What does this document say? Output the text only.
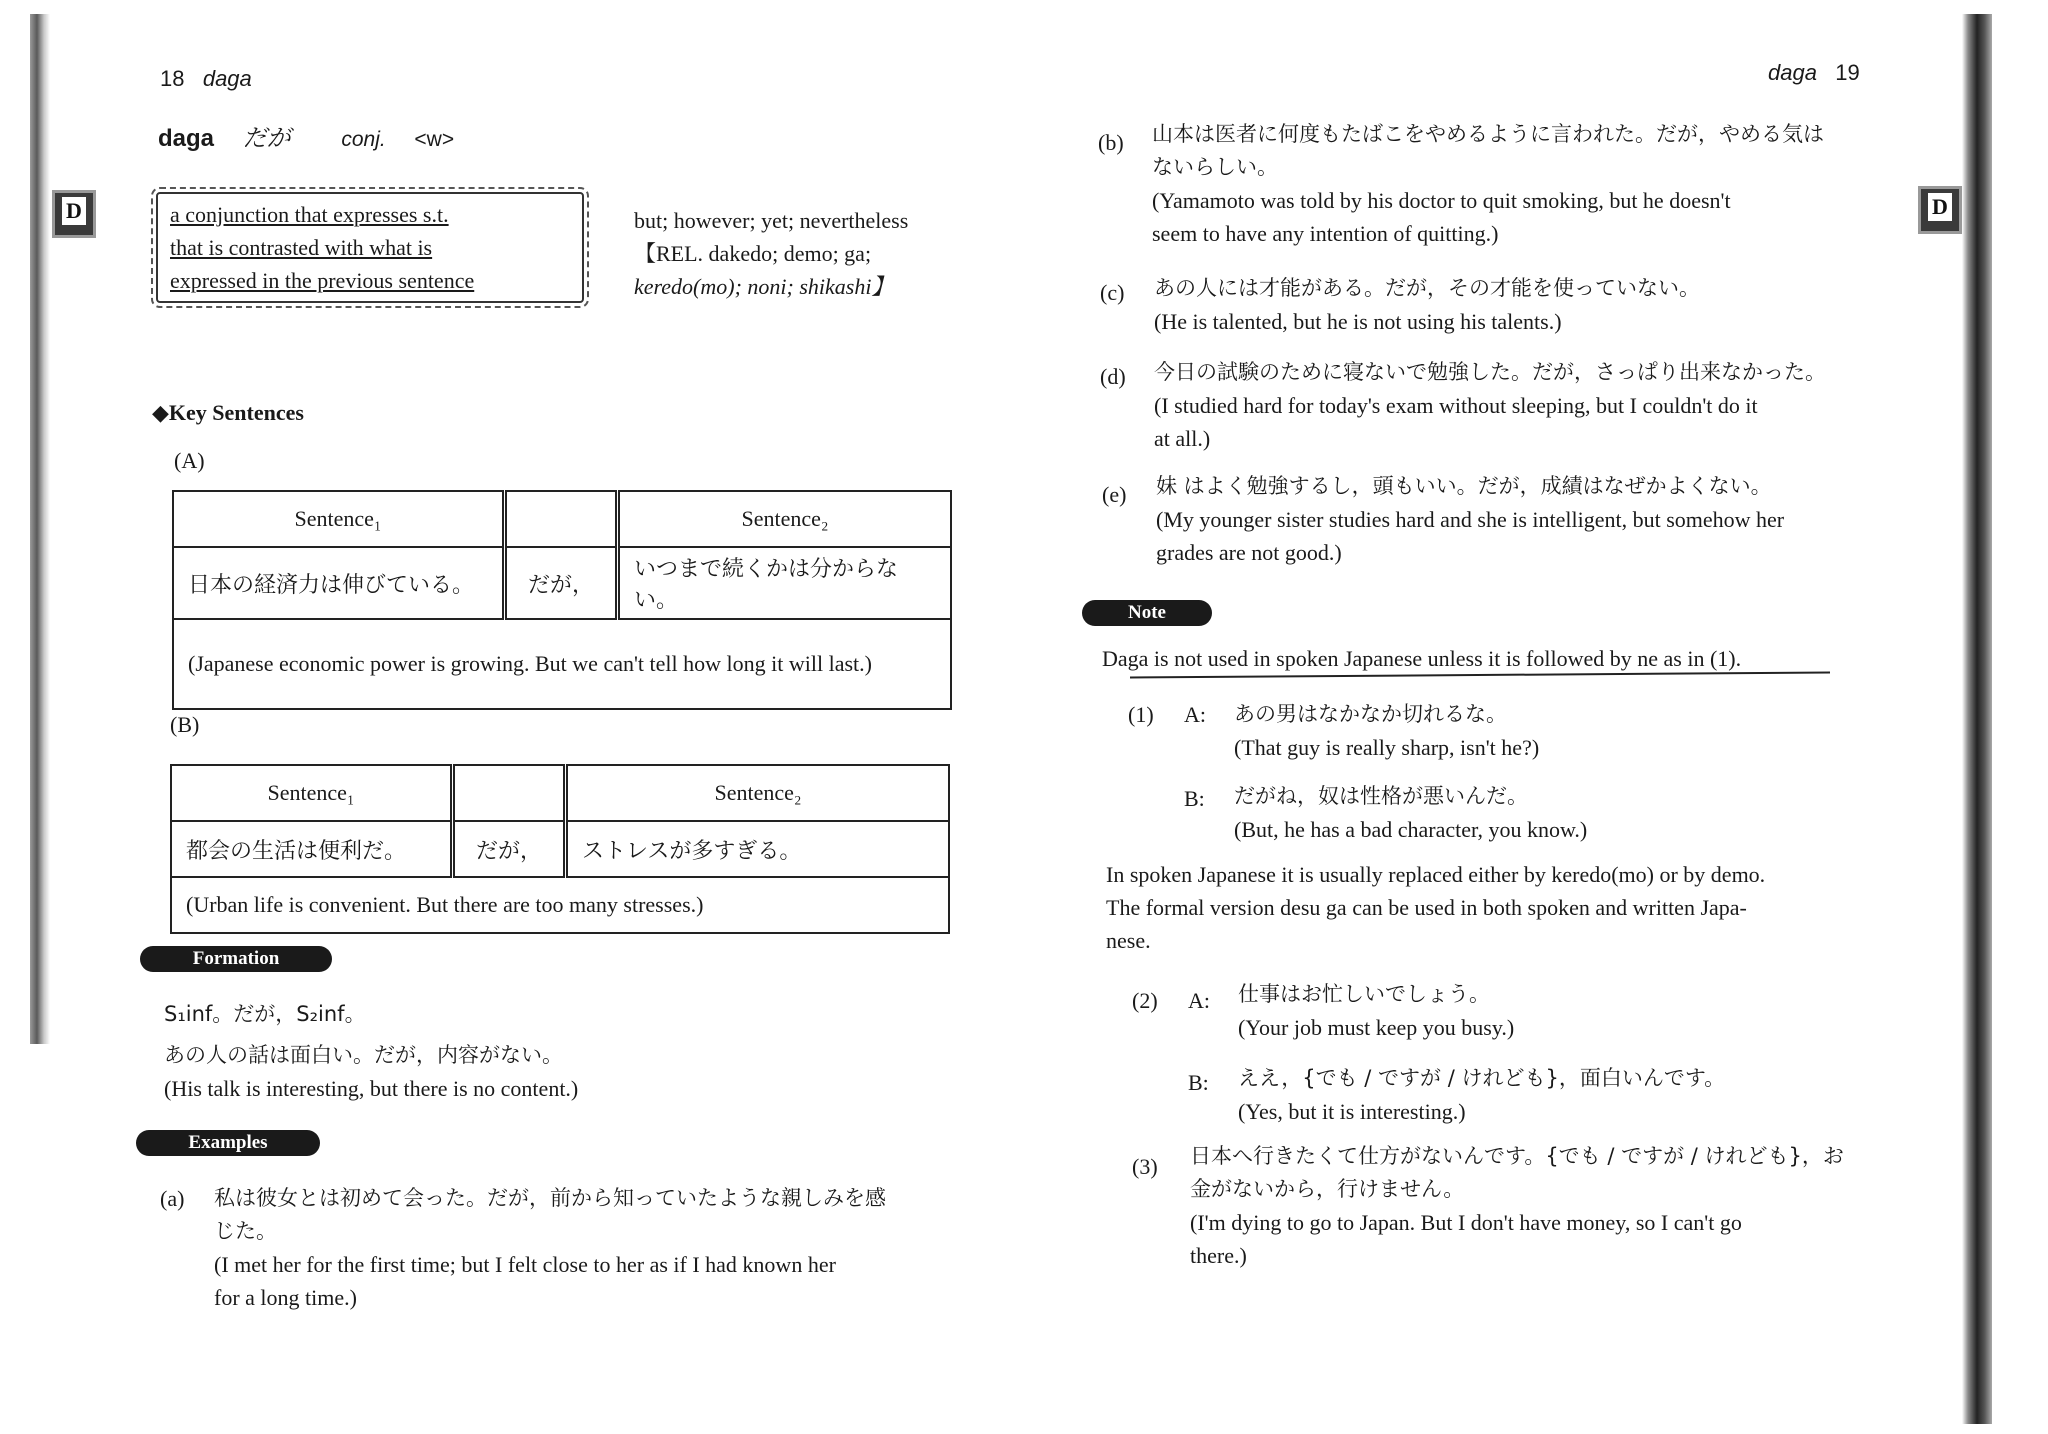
D	D
18 daga
daga だが conj. <w>
a conjunction that expresses s.t.
that is contrasted with what is
expressed in the previous sentence
but; however; yet; nevertheless
【REL. dakedo; demo; ga;
keredo(mo); noni; shikashi】
◆Key Sentences
(A)
Sentence₁		Sentence₂
日本の経済力は伸びている。	だが，	いつまで続くかは分からない。
(Japanese economic power is growing. But we can't tell how long it will last.)		
(B)
Sentence₁		Sentence₂
都会の生活は便利だ。	だが，	ストレスが多すぎる。
(Urban life is convenient. But there are too many stresses.)		
Formation
S₁inf。だが，S₂inf。
あの人の話は面白い。だが，内容がない。
(His talk is interesting, but there is no content.)
Examples
(a) 私は彼女とは初めて会った。だが，前から知っていたような親しみを感
じた。
(I met her for the first time; but I felt close to her as if I had known her
for a long time.)
daga 19
(b) 山本は医者に何度もたばこをやめるように言われた。だが，やめる気は
ないらしい。
(Yamamoto was told by his doctor to quit smoking, but he doesn't
seem to have any intention of quitting.)
(c) あの人には才能がある。だが，その才能を使っていない。
(He is talented, but he is not using his talents.)
(d) 今日の試験のために寝ないで勉強した。だが，さっぱり出来なかった。
(I studied hard for today's exam without sleeping, but I couldn't do it
at all.)
(e) 妹 はよく勉強するし，頭もいい。だが，成績はなぜかよくない。
(My younger sister studies hard and she is intelligent, but somehow her
grades are not good.)
Note
Daga is not used in spoken Japanese unless it is followed by ne as in (1).
(1) A: あの男はなかなか切れるな。
(That guy is really sharp, isn't he?)
B: だがね，奴は性格が悪いんだ。
(But, he has a bad character, you know.)
In spoken Japanese it is usually replaced either by keredo(mo) or by demo.
The formal version desu ga can be used in both spoken and written Japa-
nese.
(2) A: 仕事はお忙しいでしょう。
(Your job must keep you busy.)
B: ええ，{でも / ですが / けれども}，面白いんです。
(Yes, but it is interesting.)
(3) 日本へ行きたくて仕方がないんです。{でも / ですが / けれども}，お
金がないから，行けません。
(I'm dying to go to Japan. But I don't have money, so I can't go
there.)
